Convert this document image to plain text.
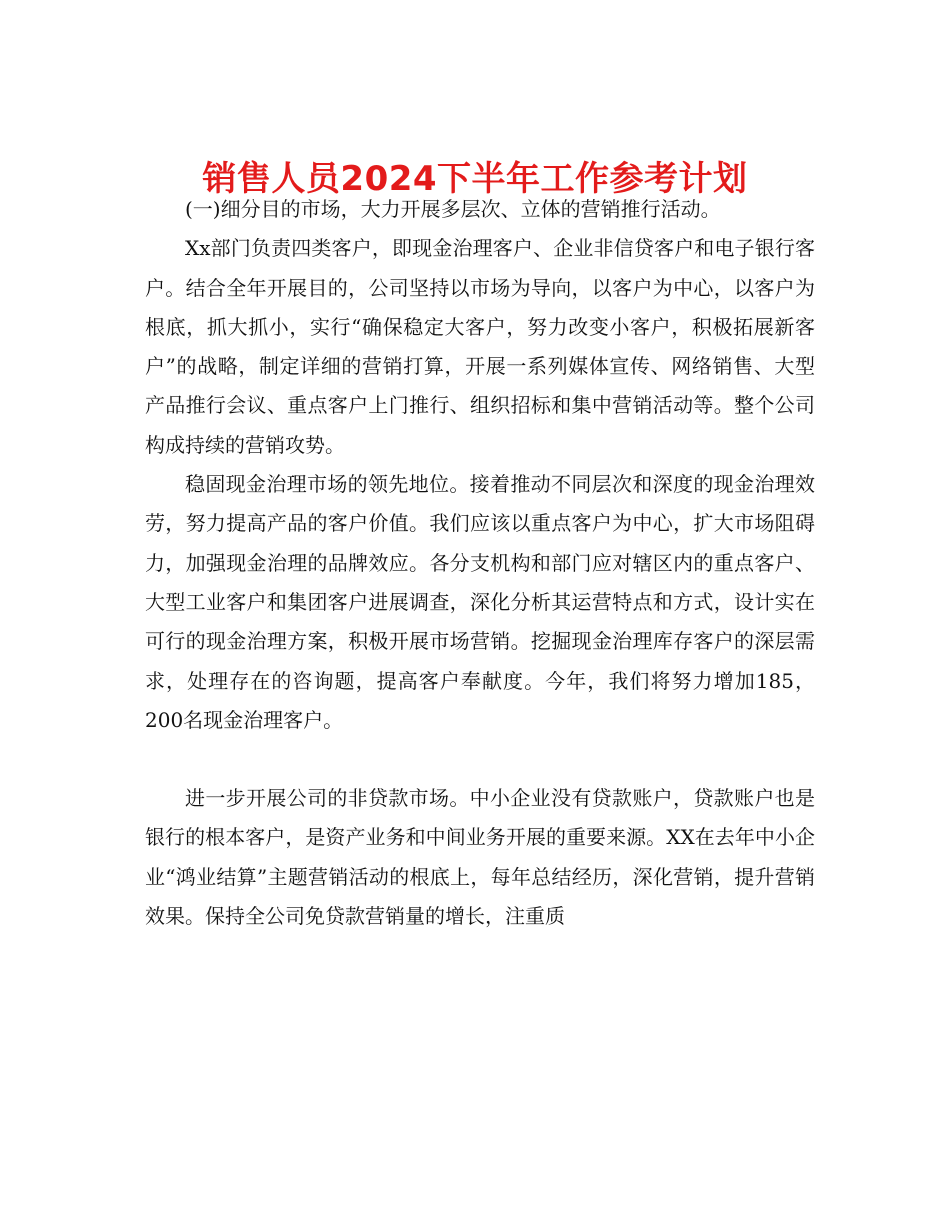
销售人员2024下半年工作参考计划

(一)细分目的市场，大力开展多层次、立体的营销推行活动。

Xx部门负责四类客户，即现金治理客户、企业非信贷客户和电子银行客户。结合全年开展目的，公司坚持以市场为导向，以客户为中心，以客户为根底，抓大抓小，实行“确保稳定大客户，努力改变小客户，积极拓展新客户”的战略，制定详细的营销打算，开展一系列媒体宣传、网络销售、大型产品推行会议、重点客户上门推行、组织招标和集中营销活动等。整个公司构成持续的营销攻势。

稳固现金治理市场的领先地位。接着推动不同层次和深度的现金治理效劳，努力提高产品的客户价值。我们应该以重点客户为中心，扩大市场阻碍力，加强现金治理的品牌效应。各分支机构和部门应对辖区内的重点客户、大型工业客户和集团客户进展调查，深化分析其运营特点和方式，设计实在可行的现金治理方案，积极开展市场营销。挖掘现金治理库存客户的深层需求，处理存在的咨询题，提高客户奉献度。今年，我们将努力增加185，200名现金治理客户。

进一步开展公司的非贷款市场。中小企业没有贷款账户，贷款账户也是银行的根本客户，是资产业务和中间业务开展的重要来源。XX在去年中小企业“鸿业结算”主题营销活动的根底上，每年总结经历，深化营销，提升营销效果。保持全公司免贷款营销量的增长，注重质
